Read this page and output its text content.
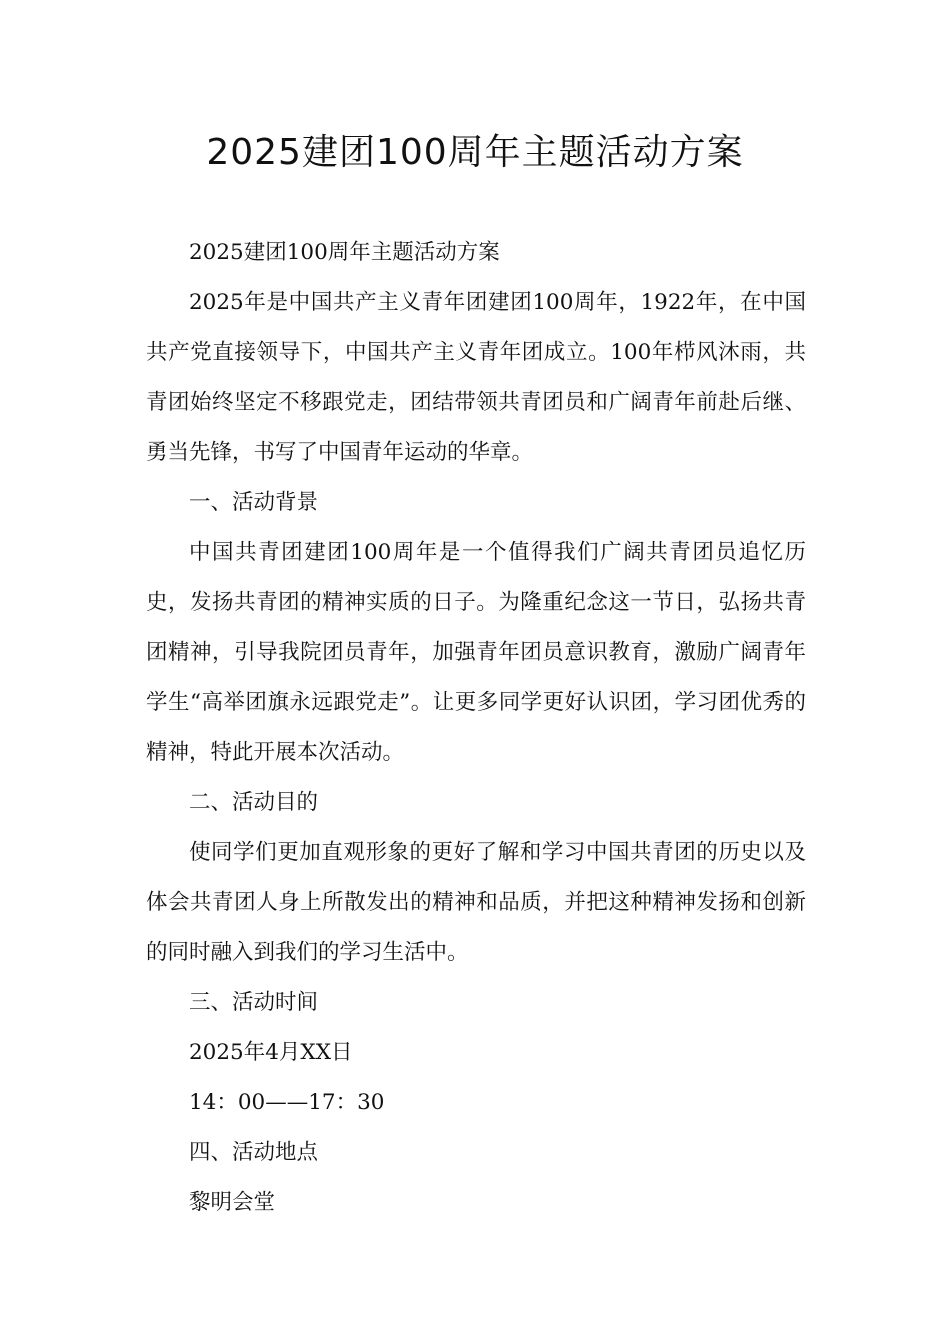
2025建团100周年主题活动方案

2025建团100周年主题活动方案

2025年是中国共产主义青年团建团100周年，1922年，在中国共产党直接领导下，中国共产主义青年团成立。100年栉风沐雨，共青团始终坚定不移跟党走，团结带领共青团员和广阔青年前赴后继、勇当先锋，书写了中国青年运动的华章。

一、活动背景

中国共青团建团100周年是一个值得我们广阔共青团员追忆历史，发扬共青团的精神实质的日子。为隆重纪念这一节日，弘扬共青团精神，引导我院团员青年，加强青年团员意识教育，激励广阔青年学生“高举团旗永远跟党走”。让更多同学更好认识团，学习团优秀的精神，特此开展本次活动。

二、活动目的

使同学们更加直观形象的更好了解和学习中国共青团的历史以及体会共青团人身上所散发出的精神和品质，并把这种精神发扬和创新的同时融入到我们的学习生活中。

三、活动时间

2025年4月XX日

14：00——17：30

四、活动地点

黎明会堂
